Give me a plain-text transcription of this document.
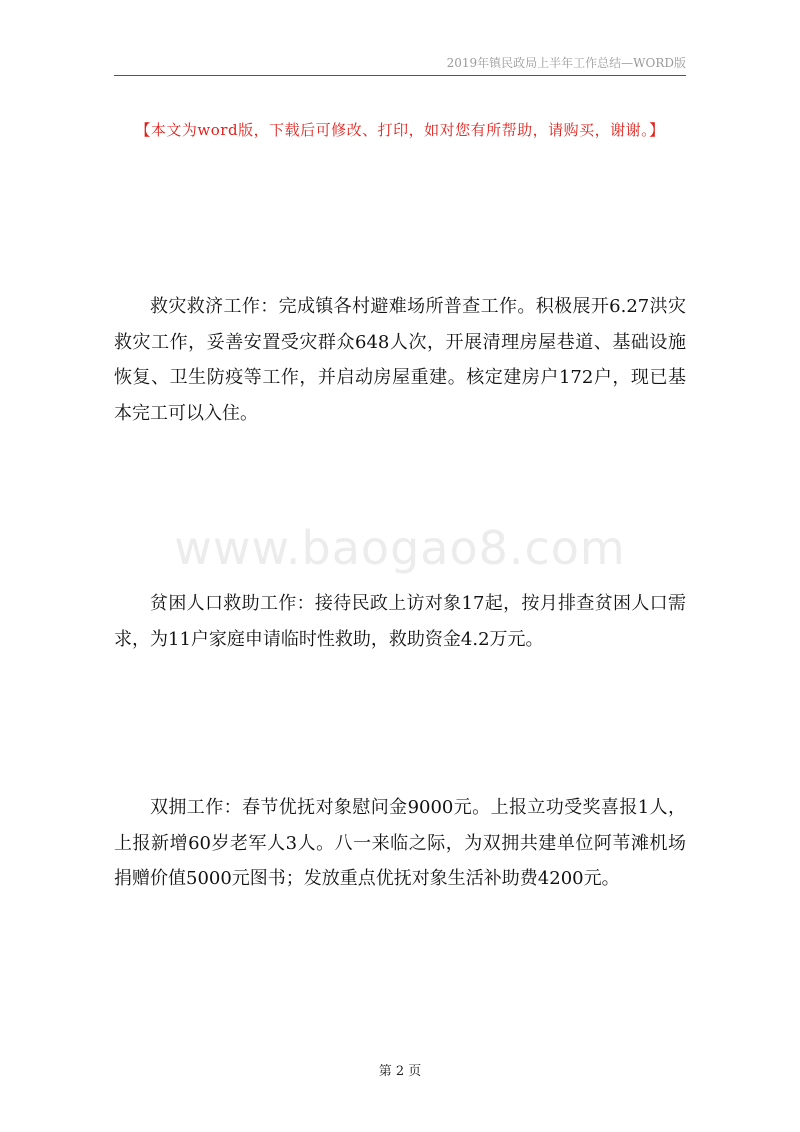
2019年镇民政局上半年工作总结—WORD版
【本文为word版，下载后可修改、打印，如对您有所帮助，请购买，谢谢。】
www.baogao8.com
救灾救济工作：完成镇各村避难场所普查工作。积极展开6.27洪灾救灾工作，妥善安置受灾群众648人次，开展清理房屋巷道、基础设施恢复、卫生防疫等工作，并启动房屋重建。核定建房户172户，现已基本完工可以入住。
贫困人口救助工作：接待民政上访对象17起，按月排查贫困人口需求，为11户家庭申请临时性救助，救助资金4.2万元。
双拥工作：春节优抚对象慰问金9000元。上报立功受奖喜报1人，上报新增60岁老军人3人。八一来临之际，为双拥共建单位阿苇滩机场捐赠价值5000元图书；发放重点优抚对象生活补助费4200元。
第 2 页
